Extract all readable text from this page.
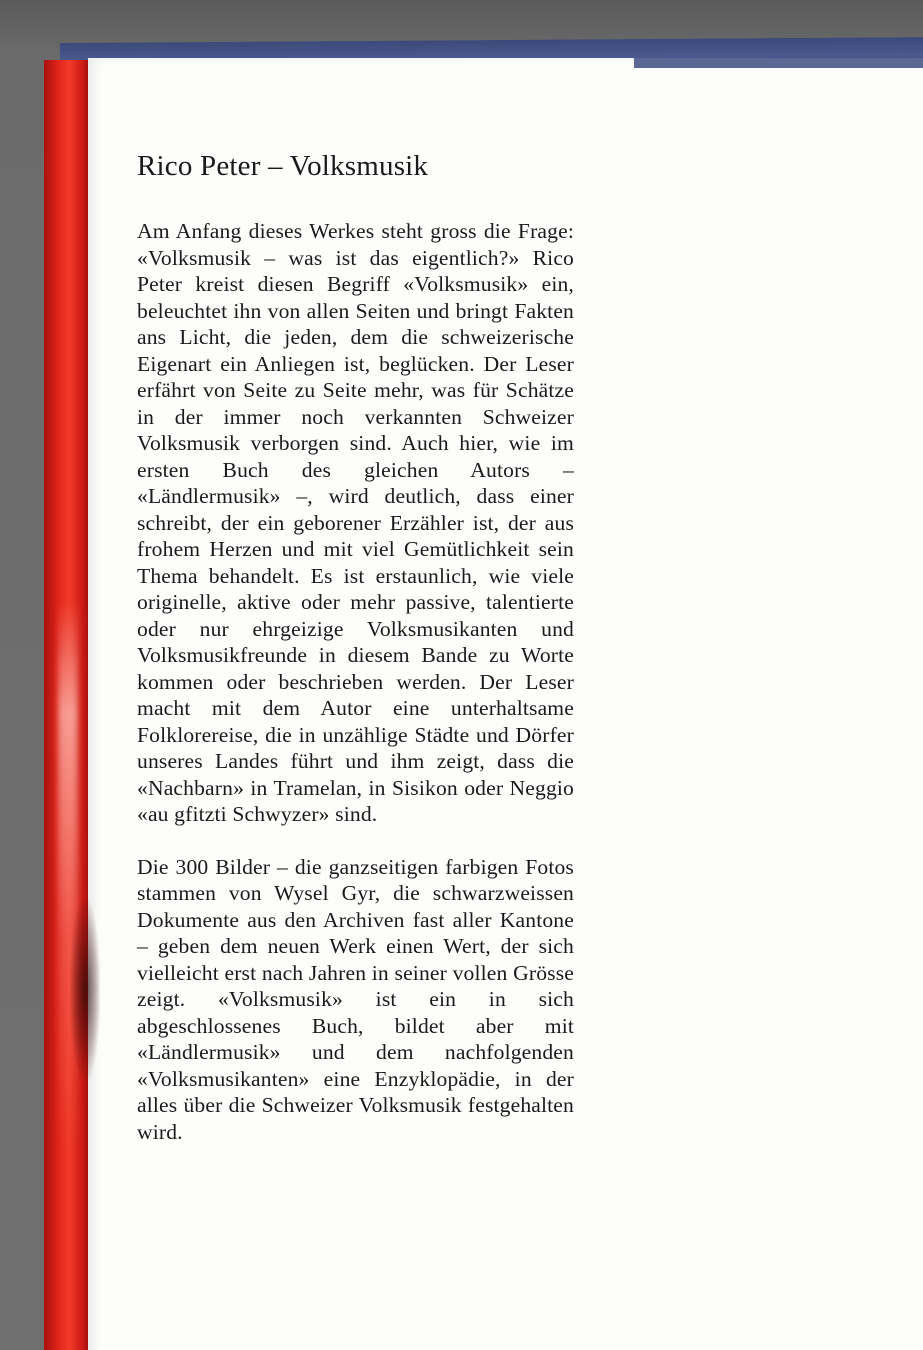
Rico Peter – Volksmusik

Am Anfang dieses Werkes steht gross die Frage: «Volksmusik – was ist das eigentlich?» Rico Peter kreist diesen Begriff «Volksmusik» ein, beleuchtet ihn von allen Seiten und bringt Fakten ans Licht, die jeden, dem die schweizerische Eigenart ein Anliegen ist, beglücken. Der Leser erfährt von Seite zu Seite mehr, was für Schätze in der immer noch verkannten Schweizer Volksmusik verborgen sind. Auch hier, wie im ersten Buch des gleichen Autors – «Ländlermusik» –, wird deutlich, dass einer schreibt, der ein geborener Erzähler ist, der aus frohem Herzen und mit viel Gemütlichkeit sein Thema behandelt. Es ist erstaunlich, wie viele originelle, aktive oder mehr passive, talentierte oder nur ehrgeizige Volksmusikanten und Volksmusikfreunde in diesem Bande zu Worte kommen oder beschrieben werden. Der Leser macht mit dem Autor eine unterhaltsame Folklorereise, die in unzählige Städte und Dörfer unseres Landes führt und ihm zeigt, dass die «Nachbarn» in Tramelan, in Sisikon oder Neggio «au gfitzti Schwyzer» sind.

Die 300 Bilder – die ganzseitigen farbigen Fotos stammen von Wysel Gyr, die schwarzweissen Dokumente aus den Archiven fast aller Kantone – geben dem neuen Werk einen Wert, der sich vielleicht erst nach Jahren in seiner vollen Grösse zeigt. «Volksmusik» ist ein in sich abgeschlossenes Buch, bildet aber mit «Ländlermusik» und dem nachfolgenden «Volksmusikanten» eine Enzyklopädie, in der alles über die Schweizer Volksmusik festgehalten wird.
